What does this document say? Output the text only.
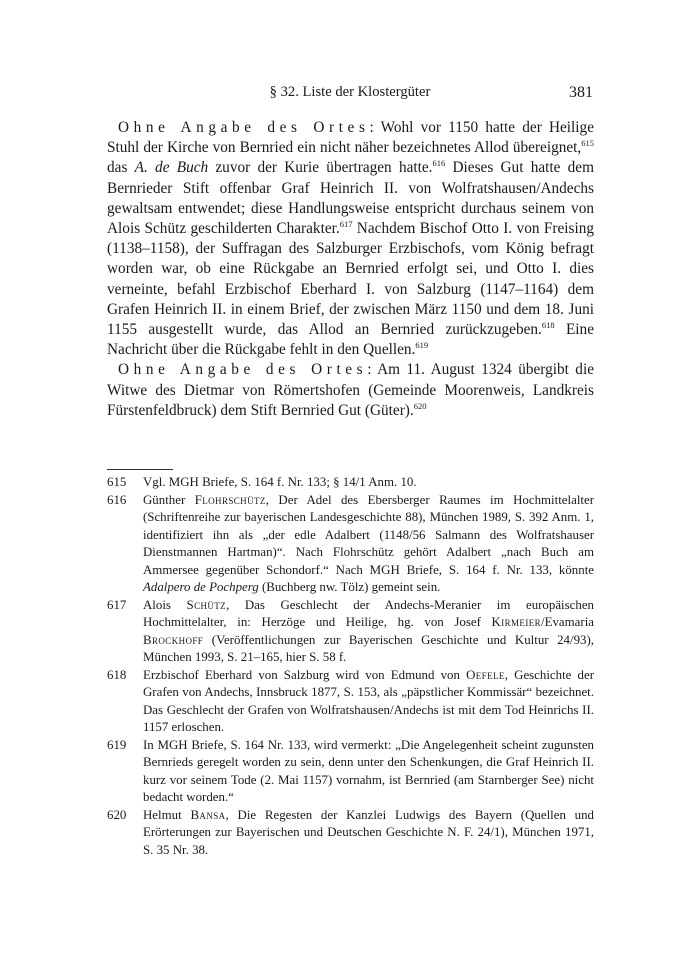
§ 32. Liste der Klostergüter	381

Ohne Angabe des Ortes: Wohl vor 1150 hatte der Heilige Stuhl der Kirche von Bernried ein nicht näher bezeichnetes Allod übereignet,$^{615}$ das A. de Buch zuvor der Kurie übertragen hatte.$^{616}$ Dieses Gut hatte dem Bernrieder Stift offenbar Graf Heinrich II. von Wolfratshausen/Andechs gewaltsam entwendet; diese Handlungsweise entspricht durchaus seinem von Alois Schütz geschilderten Charakter.$^{617}$ Nachdem Bischof Otto I. von Freising (1138–1158), der Suffragan des Salzburger Erzbischofs, vom König befragt worden war, ob eine Rückgabe an Bernried erfolgt sei, und Otto I. dies verneinte, befahl Erzbischof Eberhard I. von Salzburg (1147–1164) dem Grafen Heinrich II. in einem Brief, der zwischen März 1150 und dem 18. Juni 1155 ausgestellt wurde, das Allod an Bernried zurückzugeben.$^{618}$ Eine Nachricht über die Rückgabe fehlt in den Quellen.$^{619}$

Ohne Angabe des Ortes: Am 11. August 1324 übergibt die Witwe des Dietmar von Römertshofen (Gemeinde Moorenweis, Landkreis Fürstenfeldbruck) dem Stift Bernried Gut (Güter).$^{620}$

615 Vgl. MGH Briefe, S. 164 f. Nr. 133; § 14/1 Anm. 10.
616 Günther Flohrschütz, Der Adel des Ebersberger Raumes im Hochmittelalter (Schriftenreihe zur bayerischen Landesgeschichte 88), München 1989, S. 392 Anm. 1, identifiziert ihn als „der edle Adalbert (1148/56 Salmann des Wolfratshauser Dienstmannen Hartman)“. Nach Flohrschütz gehört Adalbert „nach Buch am Ammersee gegenüber Schondorf.“ Nach MGH Briefe, S. 164 f. Nr. 133, könnte Adalpero de Pochperg (Buchberg nw. Tölz) gemeint sein.
617 Alois Schütz, Das Geschlecht der Andechs-Meranier im europäischen Hochmittelalter, in: Herzöge und Heilige, hg. von Josef Kirmeier/Evamaria Brockhoff (Veröffentlichungen zur Bayerischen Geschichte und Kultur 24/93), München 1993, S. 21–165, hier S. 58 f.
618 Erzbischof Eberhard von Salzburg wird von Edmund von Oefele, Geschichte der Grafen von Andechs, Innsbruck 1877, S. 153, als „päpstlicher Kommissär“ bezeichnet. Das Geschlecht der Grafen von Wolfratshausen/Andechs ist mit dem Tod Heinrichs II. 1157 erloschen.
619 In MGH Briefe, S. 164 Nr. 133, wird vermerkt: „Die Angelegenheit scheint zugunsten Bernrieds geregelt worden zu sein, denn unter den Schenkungen, die Graf Heinrich II. kurz vor seinem Tode (2. Mai 1157) vornahm, ist Bernried (am Starnberger See) nicht bedacht worden.“
620 Helmut Bansa, Die Regesten der Kanzlei Ludwigs des Bayern (Quellen und Erörterungen zur Bayerischen und Deutschen Geschichte N. F. 24/1), München 1971, S. 35 Nr. 38.
